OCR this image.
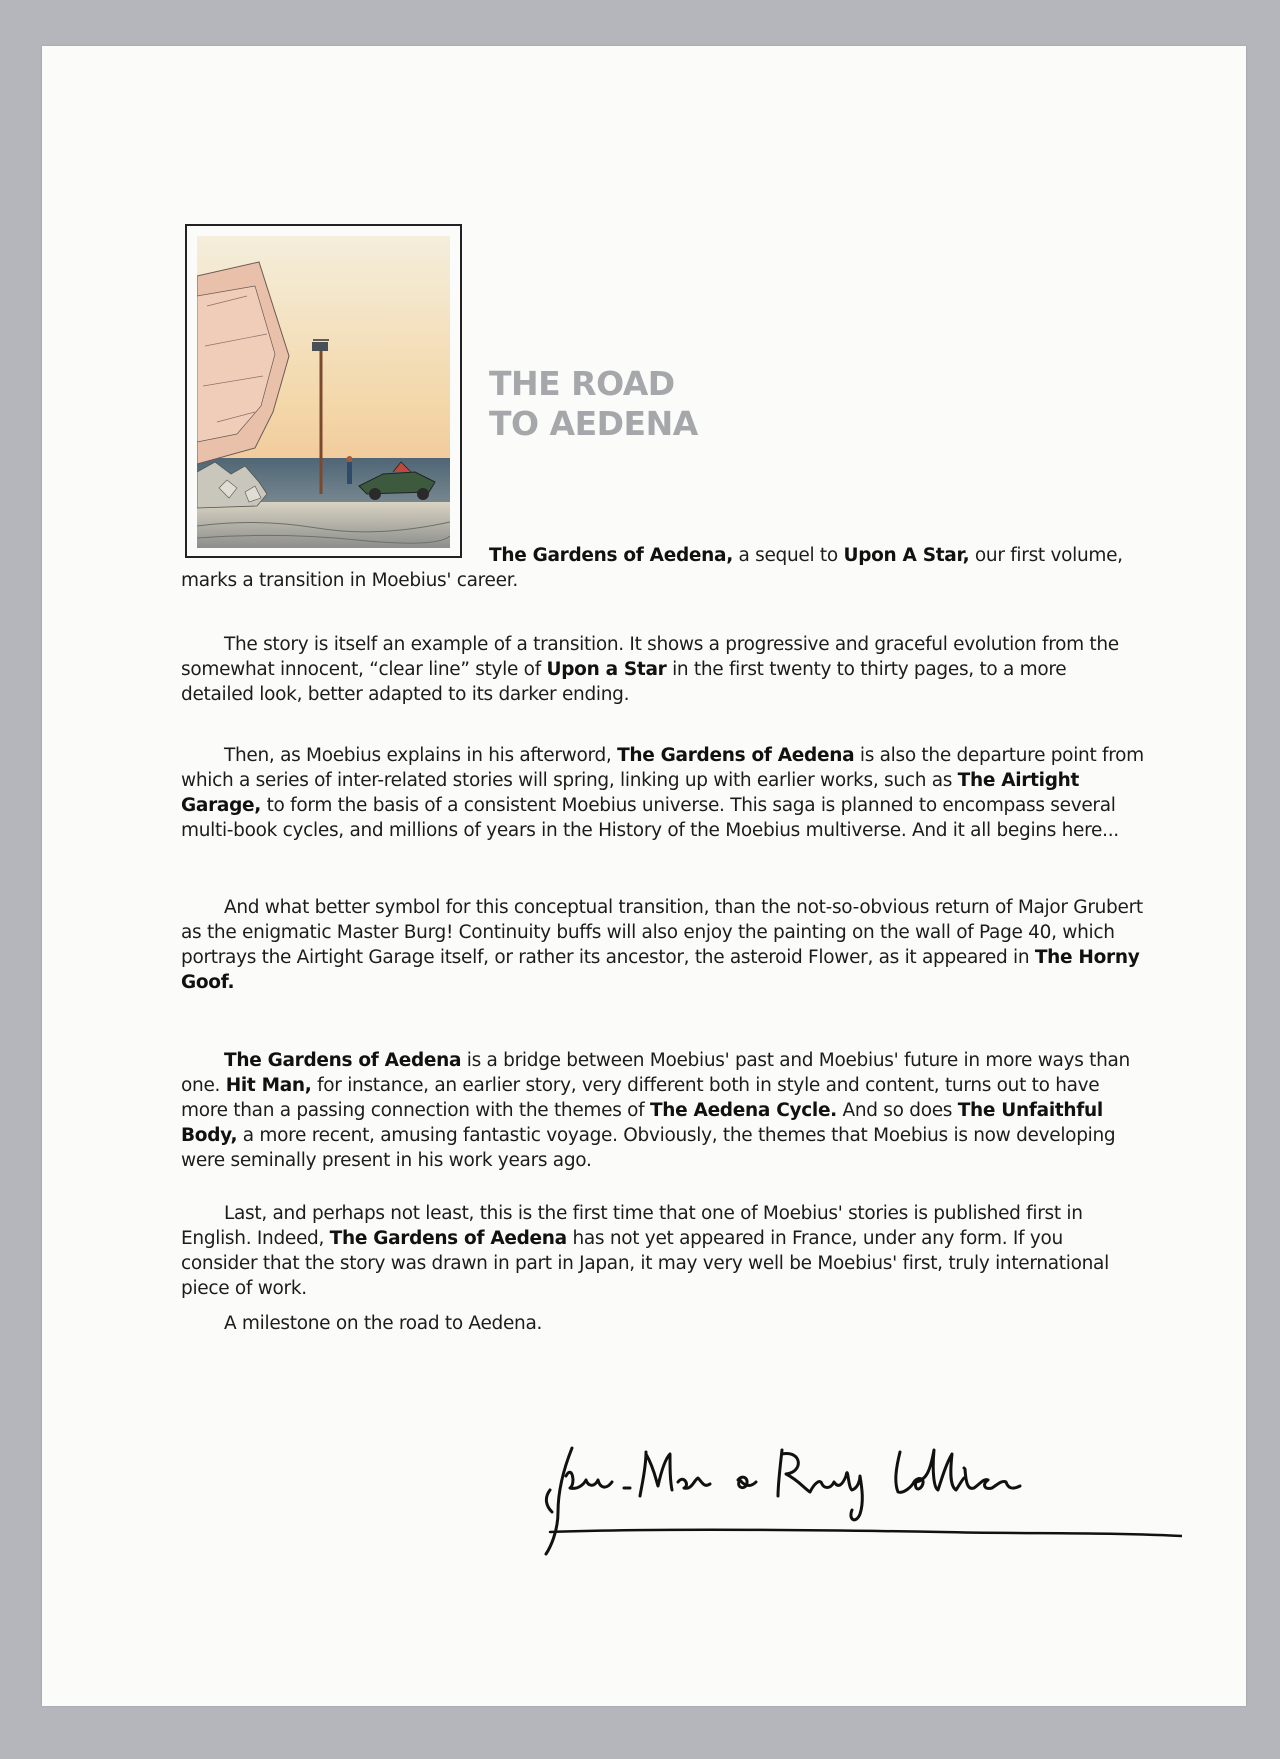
THE ROAD
TO AEDENA

The Gardens of Aedena, a sequel to Upon A Star, our first volume,
marks a transition in Moebius' career.

The story is itself an example of a transition. It shows a progressive and graceful evolution from the somewhat innocent, “clear line” style of Upon a Star in the first twenty to thirty pages, to a more detailed look, better adapted to its darker ending.

Then, as Moebius explains in his afterword, The Gardens of Aedena is also the departure point from which a series of inter-related stories will spring, linking up with earlier works, such as The Airtight Garage, to form the basis of a consistent Moebius universe. This saga is planned to encompass several multi-book cycles, and millions of years in the History of the Moebius multiverse. And it all begins here...

And what better symbol for this conceptual transition, than the not-so-obvious return of Major Grubert as the enigmatic Master Burg! Continuity buffs will also enjoy the painting on the wall of Page 40, which portrays the Airtight Garage itself, or rather its ancestor, the asteroid Flower, as it appeared in The Horny Goof.

The Gardens of Aedena is a bridge between Moebius' past and Moebius' future in more ways than one. Hit Man, for instance, an earlier story, very different both in style and content, turns out to have more than a passing connection with the themes of The Aedena Cycle. And so does The Unfaithful Body, a more recent, amusing fantastic voyage. Obviously, the themes that Moebius is now developing were seminally present in his work years ago.

Last, and perhaps not least, this is the first time that one of Moebius' stories is published first in English. Indeed, The Gardens of Aedena has not yet appeared in France, under any form. If you consider that the story was drawn in part in Japan, it may very well be Moebius' first, truly international piece of work.

A milestone on the road to Aedena.
